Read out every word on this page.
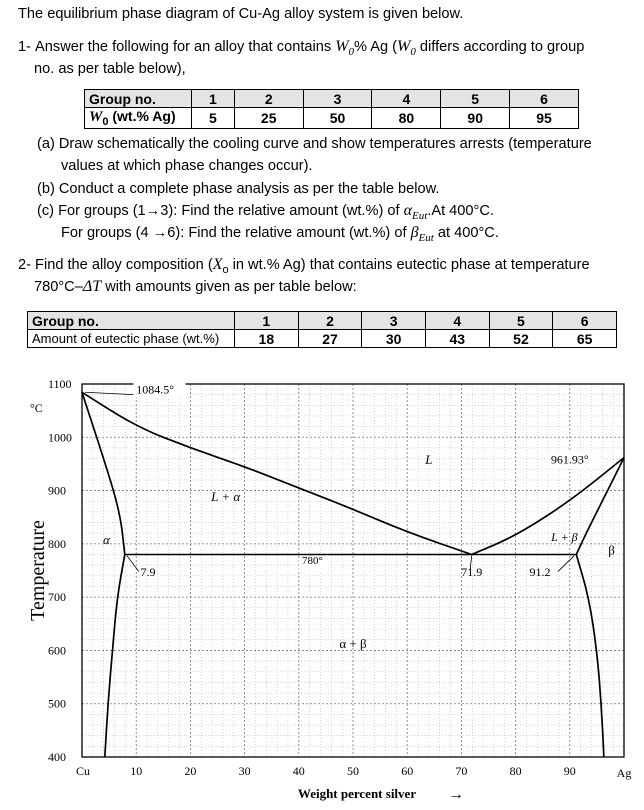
The equilibrium phase diagram of Cu-Ag alloy system is given below.
1- Answer the following for an alloy that contains $W_0\%$ Ag ($W_0$ differs according to group
no. as per table below),
Group no.	1	2	3	4	5	6
$W_0$ (wt.% Ag)	5	25	50	80	90	95
(a) Draw schematically the cooling curve and show temperatures arrests (temperature
values at which phase changes occur).
(b) Conduct a complete phase analysis as per the table below.
(c) For groups (1→3): Find the relative amount (wt.%) of $\alpha_{Eut}.At$ 400°C.
For groups (4 →6): Find the relative amount (wt.%) of $\beta_{Eut}$ at 400°C.
2- Find the alloy composition ($X_o$ in wt.% Ag) that contains eutectic phase at temperature
780°C–ΔT with amounts given as per table below:
Group no.	1	2	3	4	5	6
Amount of eutectic phase (wt.%)	18	27	30	43	52	65
400
500
600
700
800
900
1000
1100
°C
10	20	30	40	50	60	70	80	90
Cu	Ag
Temperature
Weight percent silver →
1084.5°
961.93°
780°
7.9	71.9	91.2
L
L + α
L + β
α
β
α + β
